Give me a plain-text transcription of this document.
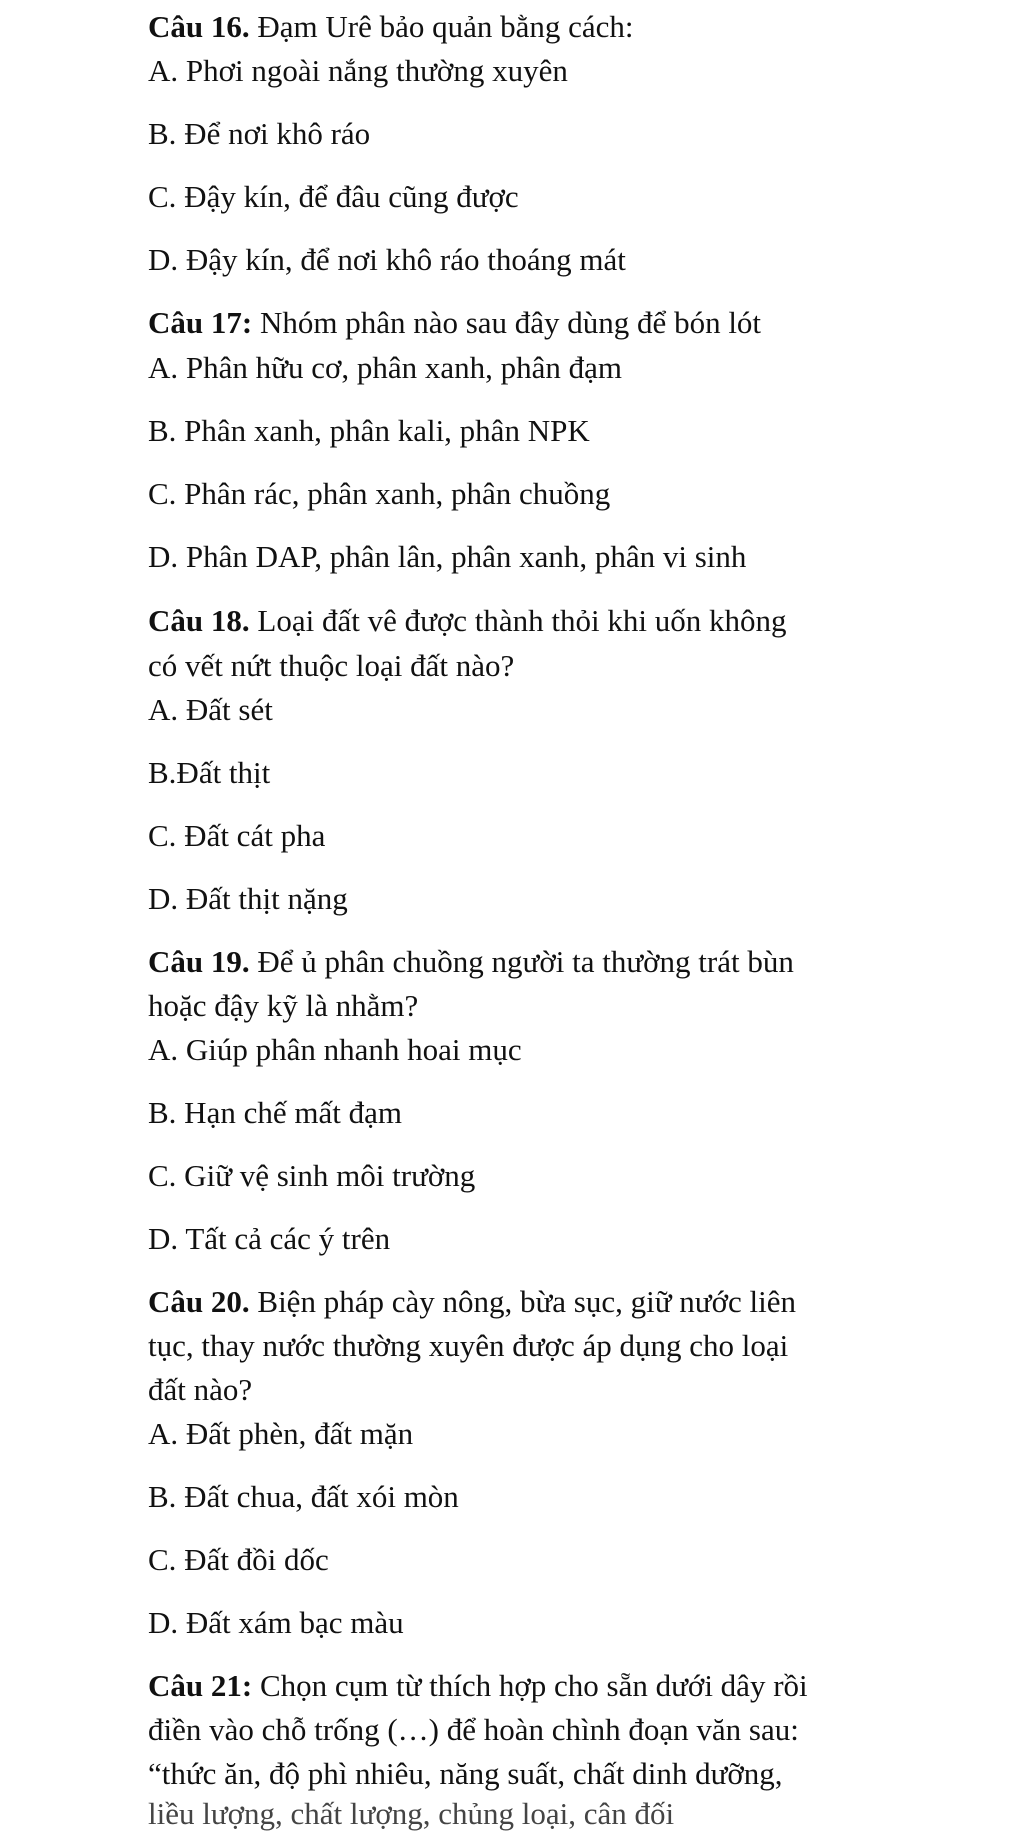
Câu 16. Đạm Urê bảo quản bằng cách:
A. Phơi ngoài nắng thường xuyên
B. Để nơi khô ráo
C. Đậy kín, để đâu cũng được
D. Đậy kín, để nơi khô ráo thoáng mát
Câu 17: Nhóm phân nào sau đây dùng để bón lót
A. Phân hữu cơ, phân xanh, phân đạm
B. Phân xanh, phân kali, phân NPK
C. Phân rác, phân xanh, phân chuồng
D. Phân DAP, phân lân, phân xanh, phân vi sinh
Câu 18. Loại đất vê được thành thỏi khi uốn không
có vết nứt thuộc loại đất nào?
A. Đất sét
B.Đất thịt
C. Đất cát pha
D. Đất thịt nặng
Câu 19. Để ủ phân chuồng người ta thường trát bùn
hoặc đậy kỹ là nhằm?
A. Giúp phân nhanh hoai mục
B. Hạn chế mất đạm
C. Giữ vệ sinh môi trường
D. Tất cả các ý trên
Câu 20. Biện pháp cày nông, bừa sục, giữ nước liên
tục, thay nước thường xuyên được áp dụng cho loại
đất nào?
A. Đất phèn, đất mặn
B. Đất chua, đất xói mòn
C. Đất đồi dốc
D. Đất xám bạc màu
Câu 21: Chọn cụm từ thích hợp cho sẵn dưới dây rồi
điền vào chỗ trống (…) để hoàn chình đoạn văn sau:
“thức ăn, độ phì nhiêu, năng suất, chất dinh dưỡng,
liều lượng, chất lượng, chủng loại, cân đối
